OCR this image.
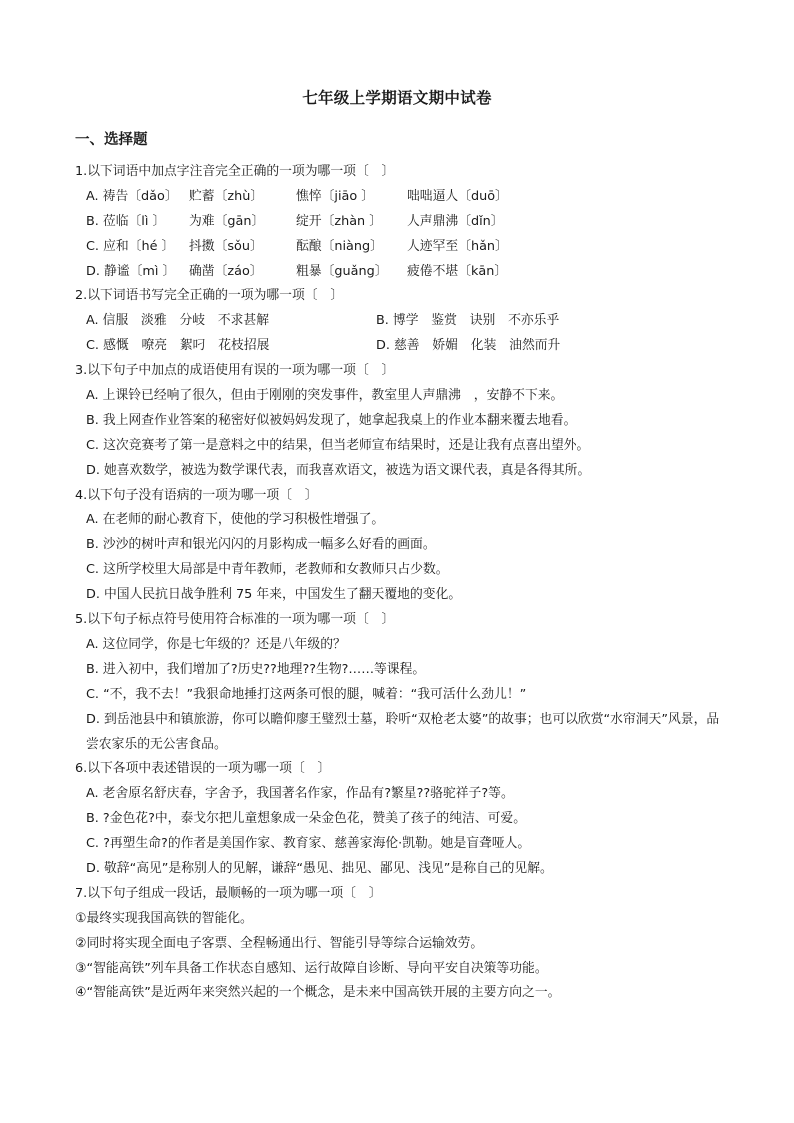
七年级上学期语文期中试卷
一、选择题
1.以下词语中加点字注音完全正确的一项为哪一项〔　〕
A. 祷告〔dǎo〕 贮蓄〔zhù〕	憔悴〔jiāo 〕	咄咄逼人〔duō〕
B. 莅临〔lì 〕 为难〔gān〕 绽开〔zhàn 〕 人声鼎沸〔dǐn〕
C. 应和〔hé 〕 抖擞〔sǒu〕	酝酿〔niàng〕 人迹罕至〔hǎn〕
D. 静谧〔mì 〕 确凿〔záo〕	粗暴〔guǎng〕 疲倦不堪〔kān〕
2.以下词语书写完全正确的一项为哪一项〔　〕
A. 信服　淡雅　分岐　不求甚解	B. 博学　鉴赏　诀别　不亦乐乎
C. 感慨　嘹亮　絮叼　花枝招展	D. 慈善　娇媚　化装　油然而升
3.以下句子中加点的成语使用有误的一项为哪一项〔　〕
A. 上课铃已经响了很久，但由于刚刚的突发事件，教室里人声鼎沸　，安静不下来。
B. 我上网查作业答案的秘密好似被妈妈发现了，她拿起我桌上的作业本翻来覆去地看。
C. 这次竞赛考了第一是意料之中的结果，但当老师宣布结果时，还是让我有点喜出望外。
D. 她喜欢数学，被选为数学课代表，而我喜欢语文，被选为语文课代表，真是各得其所。
4.以下句子没有语病的一项为哪一项〔　〕
A. 在老师的耐心教育下，使他的学习积极性增强了。
B. 沙沙的树叶声和银光闪闪的月影构成一幅多么好看的画面。
C. 这所学校里大局部是中青年教师，老教师和女教师只占少数。
D. 中国人民抗日战争胜利 75 年来，中国发生了翻天覆地的变化。
5.以下句子标点符号使用符合标准的一项为哪一项〔　〕
A. 这位同学，你是七年级的？还是八年级的？
B. 进入初中，我们增加了?历史??地理??生物?……等课程。
C. “不，我不去！”我狠命地捶打这两条可恨的腿，喊着：“我可活什么劲儿！”
D. 到岳池县中和镇旅游，你可以瞻仰廖王璧烈士墓，聆听“双枪老太婆”的故事；也可以欣赏“水帘洞天”风景，品尝农家乐的无公害食品。
6.以下各项中表述错误的一项为哪一项〔　〕
A. 老舍原名舒庆春，字舍予，我国著名作家，作品有?繁星??骆驼祥子?等。
B. ?金色花?中，泰戈尔把儿童想象成一朵金色花，赞美了孩子的纯洁、可爱。
C. ?再塑生命?的作者是美国作家、教育家、慈善家海伦·凯勒。她是盲聋哑人。
D. 敬辞“高见”是称别人的见解，谦辞“愚见、拙见、鄙见、浅见”是称自己的见解。
7.以下句子组成一段话，最顺畅的一项为哪一项〔　〕
①最终实现我国高铁的智能化。
②同时将实现全面电子客票、全程畅通出行、智能引导等综合运输效劳。
③“智能高铁”列车具备工作状态自感知、运行故障自诊断、导向平安自决策等功能。
④“智能高铁”是近两年来突然兴起的一个概念，是未来中国高铁开展的主要方向之一。
